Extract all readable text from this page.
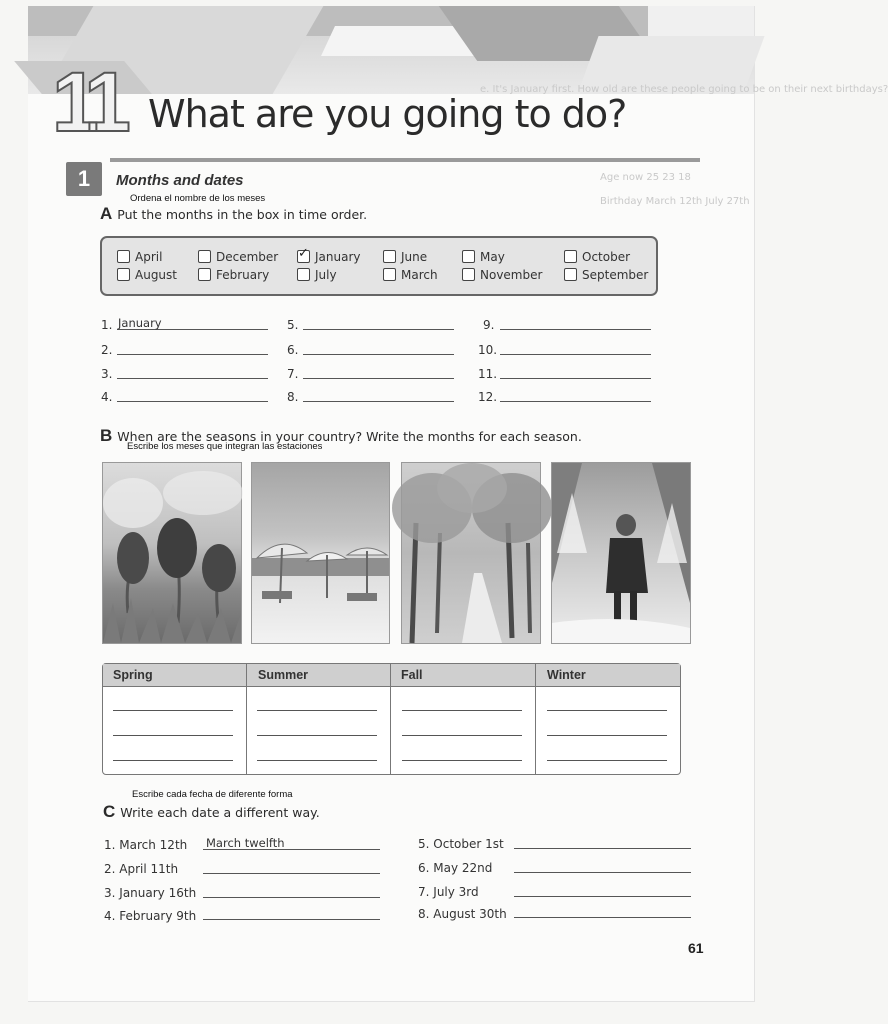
e. It's January first. How old are these people going to be on their next birthdays?
Age now 25 23 18
Birthday March 12th July 27th
11 What are you going to do?
1	Months and dates
Ordena el nombre de los meses
A Put the months in the box in time order.
April
August
December
February
✓January
July
June
March
May
November
October
September
1. January
2.
3.
4.
5.
6.
7.
8.
9.
10.
11.
12.
B When are the seasons in your country? Write the months for each season.
Escribe los meses que integran las estaciones
Spring	Summer	Fall	Winter
Escribe cada fecha de diferente forma
C Write each date a different way.
1. March 12th March twelfth
2. April 11th
3. January 16th
4. February 9th
5. October 1st
6. May 22nd
7. July 3rd
8. August 30th
61
